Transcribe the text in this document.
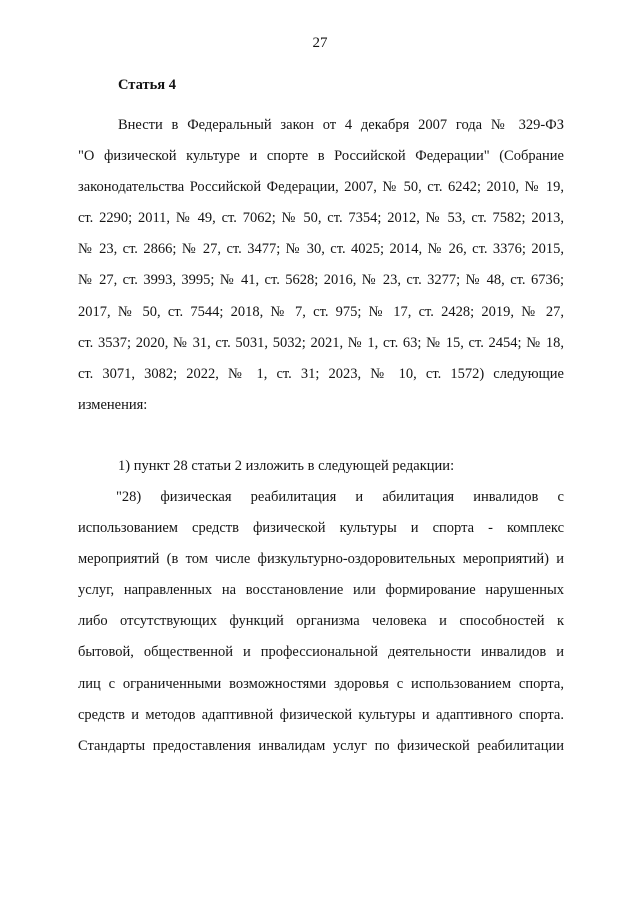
27
Статья 4
Внести в Федеральный закон от 4 декабря 2007 года № 329-ФЗ
"О физической культуре и спорте в Российской Федерации" (Собрание
законодательства Российской Федерации, 2007, № 50, ст. 6242; 2010, № 19,
ст. 2290; 2011, № 49, ст. 7062; № 50, ст. 7354; 2012, № 53, ст. 7582; 2013,
№ 23, ст. 2866; № 27, ст. 3477; № 30, ст. 4025; 2014, № 26, ст. 3376; 2015,
№ 27, ст. 3993, 3995; № 41, ст. 5628; 2016, № 23, ст. 3277; № 48, ст. 6736;
2017, № 50, ст. 7544; 2018, № 7, ст. 975; № 17, ст. 2428; 2019, № 27,
ст. 3537; 2020, № 31, ст. 5031, 5032; 2021, № 1, ст. 63; № 15, ст. 2454; № 18,
ст. 3071, 3082; 2022, № 1, ст. 31; 2023, № 10, ст. 1572) следующие
изменения:
1) пункт 28 статьи 2 изложить в следующей редакции:
"28) физическая реабилитация и абилитация инвалидов с
использованием средств физической культуры и спорта - комплекс
мероприятий (в том числе физкультурно-оздоровительных мероприятий) и
услуг, направленных на восстановление или формирование нарушенных
либо отсутствующих функций организма человека и способностей к
бытовой, общественной и профессиональной деятельности инвалидов и
лиц с ограниченными возможностями здоровья с использованием спорта,
средств и методов адаптивной физической культуры и адаптивного спорта.
Стандарты предоставления инвалидам услуг по физической реабилитации
